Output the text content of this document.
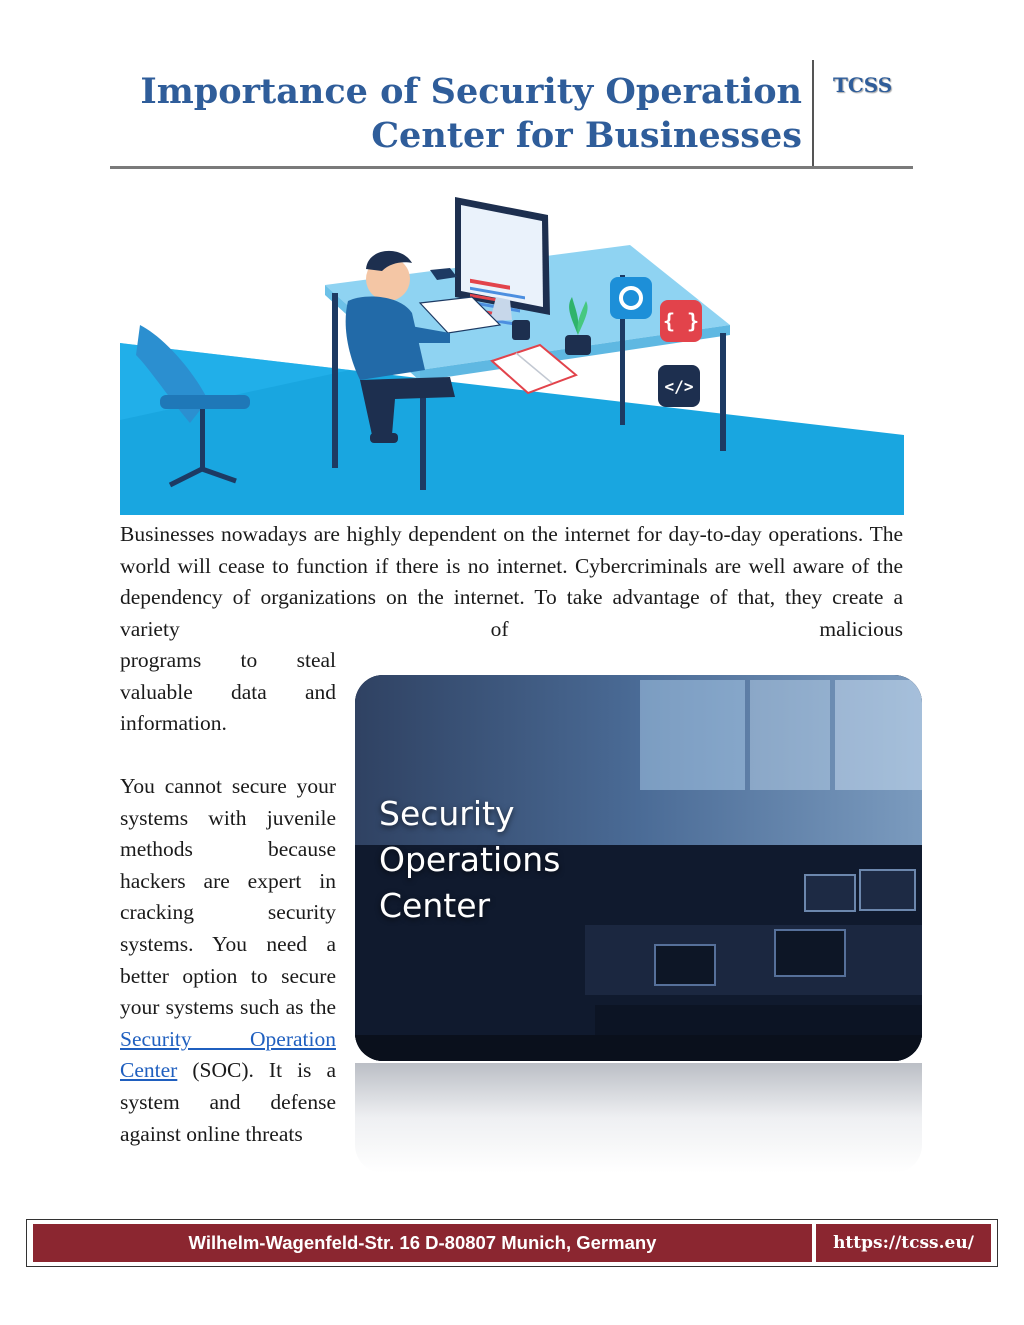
Importance of Security Operation
Center for Businesses
TCSS
{ }
</>
Businesses nowadays are highly dependent on the internet for day-to-day operations. The world will cease to function if there is no internet. Cybercriminals are well aware of the dependency of organizations on the internet. To take advantage of that, they create a variety of malicious
programs to steal valuable data and information.
You cannot secure your systems with juvenile methods because hackers are expert in cracking security systems. You need a better option to secure your systems such as the Security Operation Center (SOC). It is a system and defense against online threats
Security
Operations
Center
Wilhelm-Wagenfeld-Str. 16 D-80807 Munich, Germany	https://tcss.eu/
